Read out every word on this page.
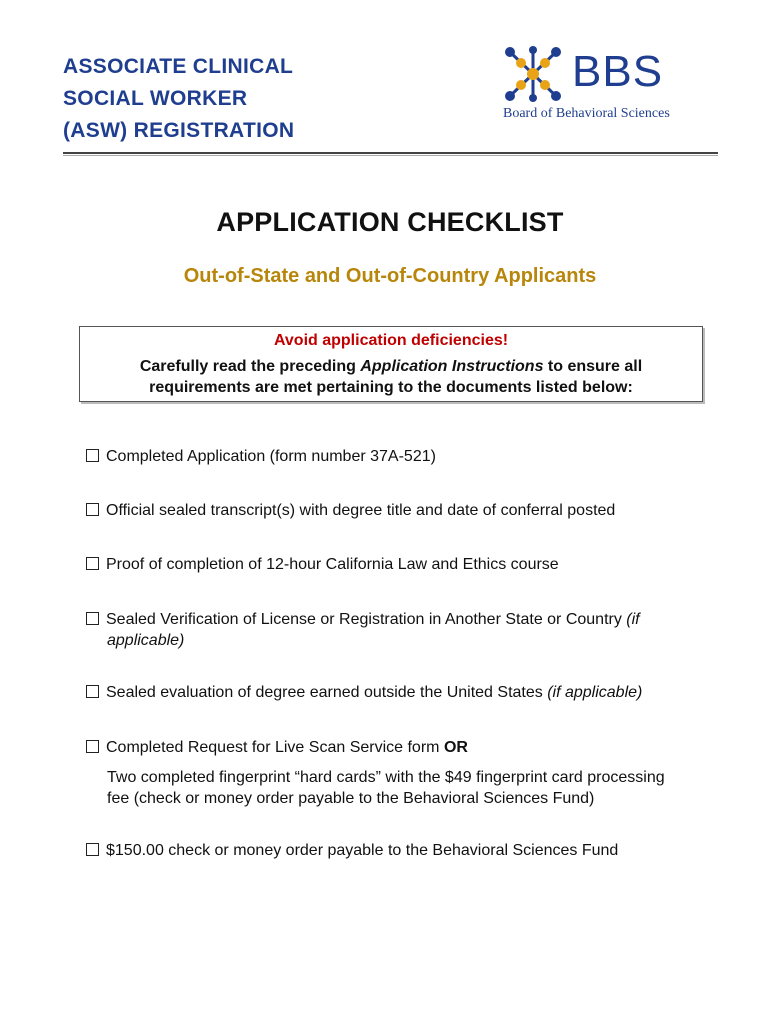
ASSOCIATE CLINICAL
SOCIAL WORKER
(ASW) REGISTRATION
BBS
Board of Behavioral Sciences
APPLICATION CHECKLIST
Out-of-State and Out-of-Country Applicants
Avoid application deficiencies!
Carefully read the preceding Application Instructions to ensure all
requirements are met pertaining to the documents listed below:
Completed Application (form number 37A-521)
Official sealed transcript(s) with degree title and date of conferral posted
Proof of completion of 12-hour California Law and Ethics course
Sealed Verification of License or Registration in Another State or Country (if
applicable)
Sealed evaluation of degree earned outside the United States (if applicable)
Completed Request for Live Scan Service form OR
Two completed fingerprint “hard cards” with the $49 fingerprint card processing
fee (check or money order payable to the Behavioral Sciences Fund)
$150.00 check or money order payable to the Behavioral Sciences Fund
